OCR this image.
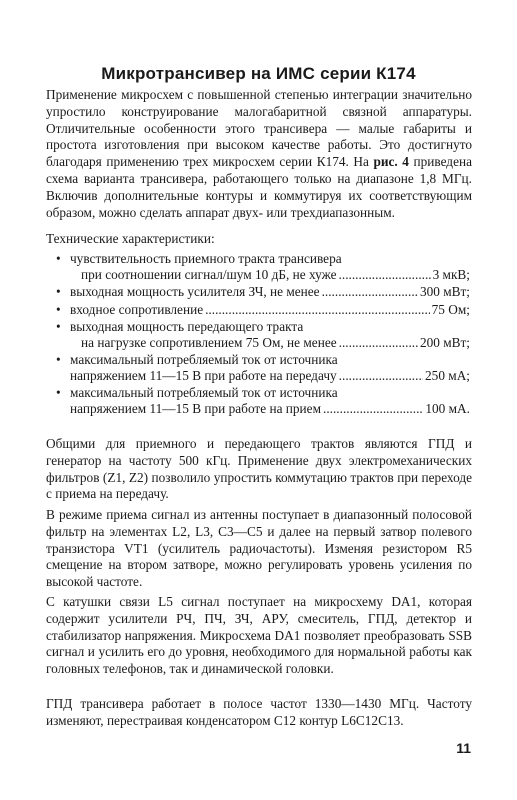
Микротрансивер на ИМС серии К174

Применение микросхем с повышенной степенью интеграции значительно упростило конструирование малогабаритной связной аппаратуры. Отличительные особенности этого трансивера — малые габариты и простота изготовления при высоком качестве работы. Это достигнуто благодаря применению трех микросхем серии К174. На рис. 4 приведена схема варианта трансивера, работающего только на диапазоне 1,8 МГц. Включив дополнительные контуры и коммутируя их соответствующим образом, можно сделать аппарат двух- или трехдиапазонным.

Технические характеристики:
• чувствительность приемного тракта трансивера
при соотношении сигнал/шум 10 дБ, не хуже .....	3 мкВ;
• выходная мощность усилителя ЗЧ, не менее .....	300 мВт;
• входное сопротивление .....	75 Ом;
• выходная мощность передающего тракта
на нагрузке сопротивлением 75 Ом, не менее .....	200 мВт;
• максимальный потребляемый ток от источника
напряжением 11—15 В при работе на передачу .....	250 мА;
• максимальный потребляемый ток от источника
напряжением 11—15 В при работе на прием .....	100 мА.

Общими для приемного и передающего трактов являются ГПД и генератор на частоту 500 кГц. Применение двух электромеханических фильтров (Z1, Z2) позволило упростить коммутацию трактов при переходе с приема на передачу.

В режиме приема сигнал из антенны поступает в диапазонный полосовой фильтр на элементах L2, L3, С3—С5 и далее на первый затвор полевого транзистора VT1 (усилитель радиочастоты). Изменяя резистором R5 смещение на втором затворе, можно регулировать уровень усиления по высокой частоте.

С катушки связи L5 сигнал поступает на микросхему DA1, которая содержит усилители РЧ, ПЧ, ЗЧ, АРУ, смеситель, ГПД, детектор и стабилизатор напряжения. Микросхема DA1 позволяет преобразовать SSB сигнал и усилить его до уровня, необходимого для нормальной работы как головных телефонов, так и динамической головки.

ГПД трансивера работает в полосе частот 1330—1430 МГц. Частоту изменяют, перестраивая конденсатором С12 контур L6C12C13.

11
